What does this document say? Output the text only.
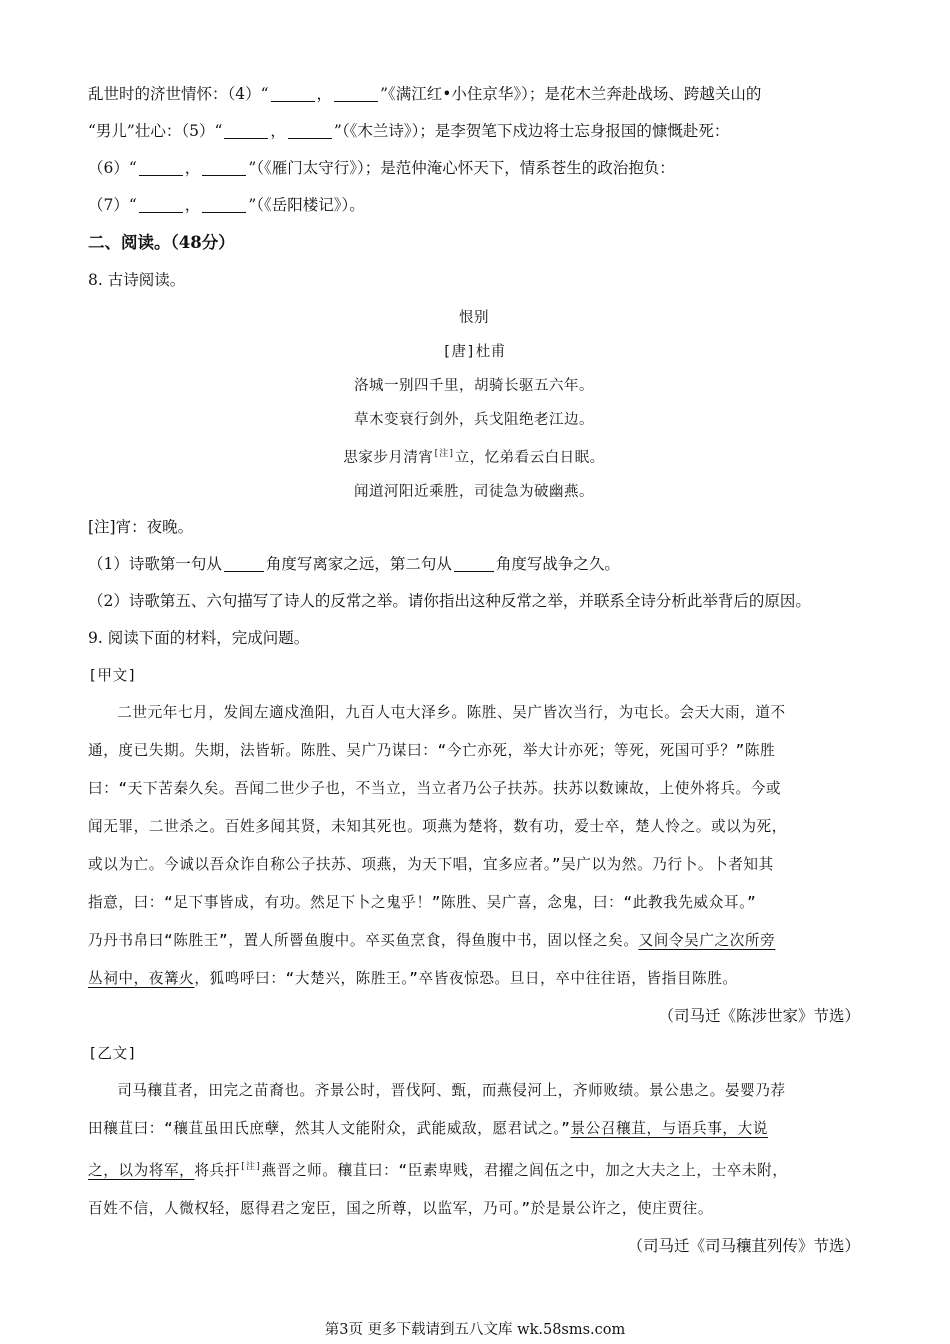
乱世时的济世情怀：（4）“	，	”《满江红•小住京华》）；是花木兰奔赴战场、跨越关山的

“男儿”壮心：（5）“	，	”（《木兰诗》）；是李贺笔下戍边将士忘身报国的慷慨赴死：

（6）“	，	”（《雁门太守行》）；是范仲淹心怀天下，情系苍生的政治抱负：

（7）“	，	”（《岳阳楼记》）。

二、阅读。（48分）

8. 古诗阅读。

恨别

[唐]杜甫

洛城一别四千里，胡骑长驱五六年。

草木变衰行剑外，兵戈阻绝老江边。

思家步月清宵[注]立，忆弟看云白日眠。

闻道河阳近乘胜，司徒急为破幽燕。

[注]宵：夜晚。

（1）诗歌第一句从	角度写离家之远，第二句从	角度写战争之久。

（2）诗歌第五、六句描写了诗人的反常之举。请你指出这种反常之举，并联系全诗分析此举背后的原因。

9. 阅读下面的材料，完成问题。

[甲文]

二世元年七月，发闾左適戍渔阳，九百人屯大泽乡。陈胜、吴广皆次当行，为屯长。会天大雨，道不

通，度已失期。失期，法皆斩。陈胜、吴广乃谋曰：“今亡亦死，举大计亦死；等死，死国可乎？”陈胜

曰：“天下苦秦久矣。吾闻二世少子也，不当立，当立者乃公子扶苏。扶苏以数谏故，上使外将兵。今或

闻无罪，二世杀之。百姓多闻其贤，未知其死也。项燕为楚将，数有功，爱士卒，楚人怜之。或以为死，

或以为亡。今诚以吾众诈自称公子扶苏、项燕，为天下唱，宜多应者。”吴广以为然。乃行卜。卜者知其

指意，曰：“足下事皆成，有功。然足下卜之鬼乎！”陈胜、吴广喜，念鬼，曰：“此教我先威众耳。”

乃丹书帛曰“陈胜王”，置人所罾鱼腹中。卒买鱼烹食，得鱼腹中书，固以怪之矣。又间令吴广之次所旁

丛祠中，夜篝火，狐鸣呼曰：“大楚兴，陈胜王。”卒皆夜惊恐。旦日，卒中往往语，皆指目陈胜。

（司马迁《陈涉世家》节选）

[乙文]

司马穰苴者，田完之苗裔也。齐景公时，晋伐阿、甄，而燕侵河上，齐师败绩。景公患之。晏婴乃荐

田穰苴曰：“穰苴虽田氏庶孽，然其人文能附众，武能威敌，愿君试之。”景公召穰苴，与语兵事，大说

之，以为将军，将兵扞[注]燕晋之师。穰苴曰：“臣素卑贱，君擢之闾伍之中，加之大夫之上，士卒未附，

百姓不信，人微权轻，愿得君之宠臣，国之所尊，以监军，乃可。”於是景公许之，使庄贾往。

（司马迁《司马穰苴列传》节选）

第3页 更多下载请到五八文库 wk.58sms.com
